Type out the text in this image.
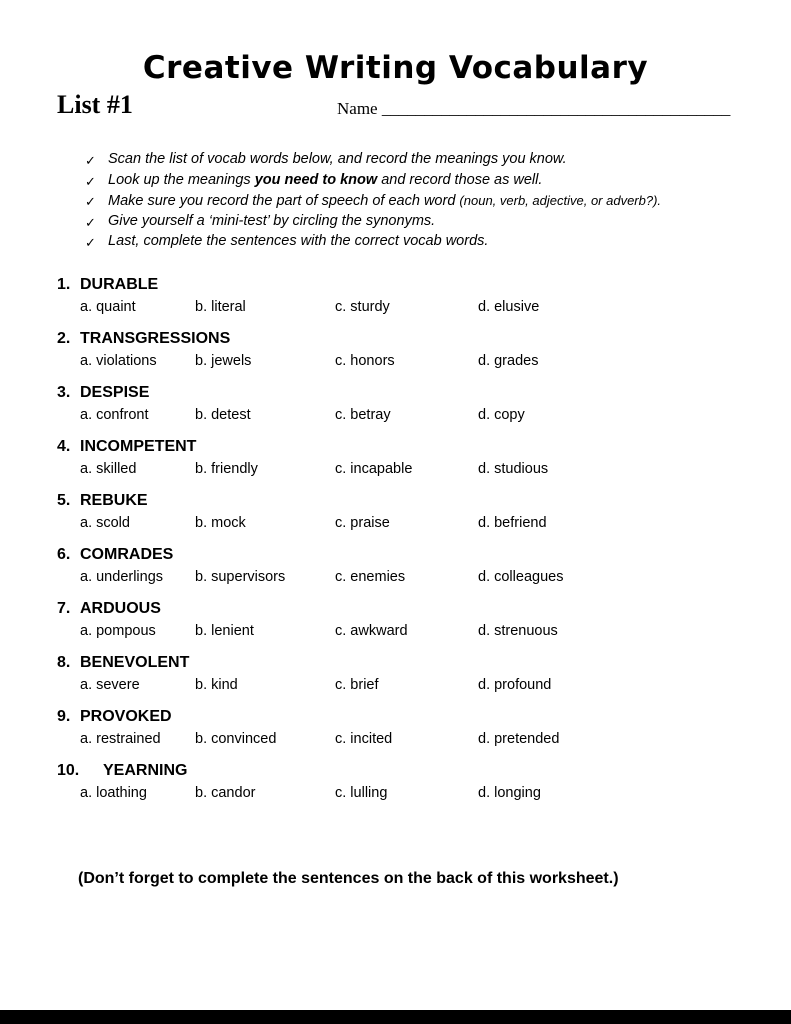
Creative Writing Vocabulary
List #1	Name _________________________________________
✓ Scan the list of vocab words below, and record the meanings you know.
✓ Look up the meanings you need to know and record those as well.
✓ Make sure you record the part of speech of each word (noun, verb, adjective, or adverb?).
✓ Give yourself a ‘mini-test’ by circling the synonyms.
✓ Last, complete the sentences with the correct vocab words.
1. DURABLE
a. quaint	b. literal	c. sturdy	d. elusive
2. TRANSGRESSIONS
a. violations	b. jewels	c. honors	d. grades
3. DESPISE
a. confront	b. detest	c. betray	d. copy
4. INCOMPETENT
a. skilled	b. friendly	c. incapable	d. studious
5. REBUKE
a. scold	b. mock	c. praise	d. befriend
6. COMRADES
a. underlings	b. supervisors	c. enemies	d. colleagues
7. ARDUOUS
a. pompous	b. lenient	c. awkward	d. strenuous
8. BENEVOLENT
a. severe	b. kind	c. brief	d. profound
9. PROVOKED
a. restrained	b. convinced	c. incited	d. pretended
10.	YEARNING
a. loathing	b. candor	c. lulling	d. longing
(Don’t forget to complete the sentences on the back of this worksheet.)
